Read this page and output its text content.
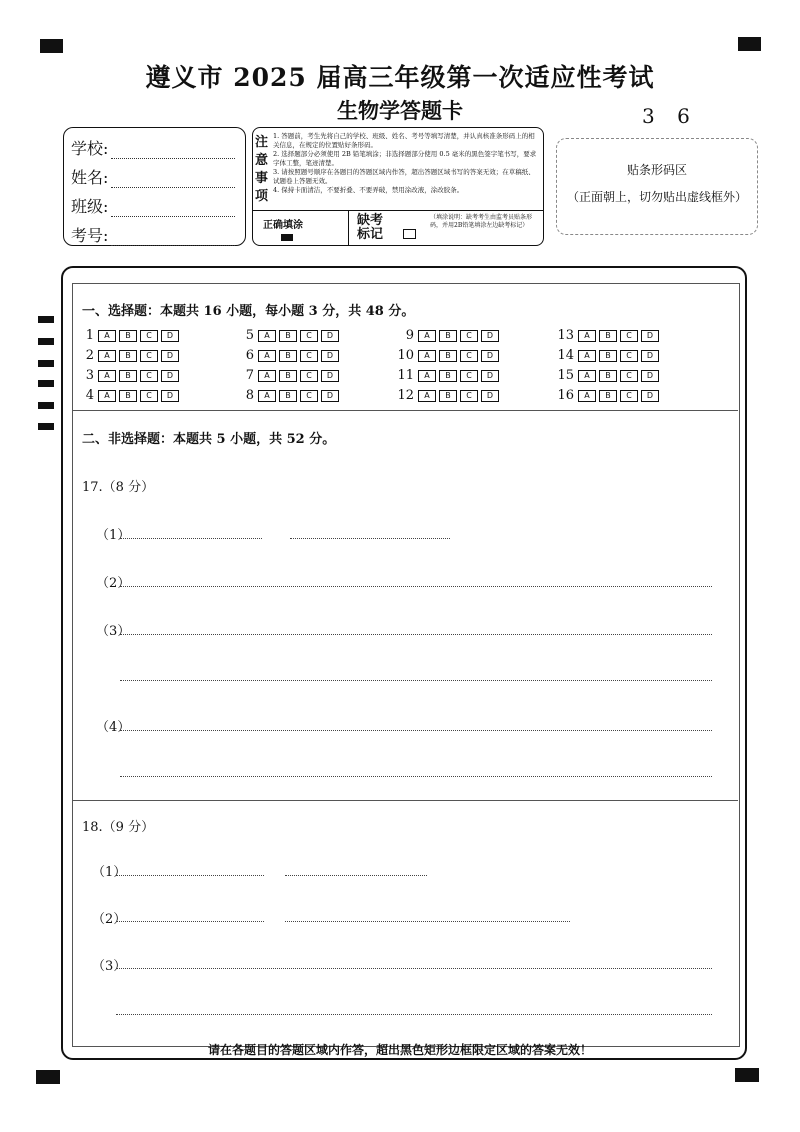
遵义市 2025 届高三年级第一次适应性考试
生物学答题卡	3 6
学校:
姓名:
班级:
考号:
注意事项
1. 答题前，考生先将自己的学校、班级、姓名、考号等填写清楚，并认真核准条形码上的相关信息，在规定的位置贴好条形码。
2. 选择题部分必须使用 2B 铅笔填涂；非选择题部分使用 0.5 毫米的黑色签字笔书写，要求字体工整，笔迹清楚。
3. 请按照题号顺序在各题目的答题区域内作答，超出答题区域书写的答案无效；在草稿纸、试题卷上答题无效。
4. 保持卡面清洁，不要折叠、不要弄破，禁用涂改液，涂改胶条。
正确填涂	缺考标记
（填涂说明：缺考考生由监考员贴条形码，并用2B铅笔填涂左边缺考标记）
贴条形码区
（正面朝上，切勿贴出虚线框外）
一、选择题：本题共 16 小题，每小题 3 分，共 48 分。
1	A	B	C	D
2	A	B	C	D
3	A	B	C	D
4	A	B	C	D
5	A	B	C	D
6	A	B	C	D
7	A	B	C	D
8	A	B	C	D
9	A	B	C	D
10	A	B	C	D
11	A	B	C	D
12	A	B	C	D
13	A	B	C	D
14	A	B	C	D
15	A	B	C	D
16	A	B	C	D
二、非选择题：本题共 5 小题，共 52 分。
17.（8 分）
（1）
（2）
（3）
（4）
18.（9 分）
（1）
（2）
（3）
请在各题目的答题区域内作答，超出黑色矩形边框限定区域的答案无效！
